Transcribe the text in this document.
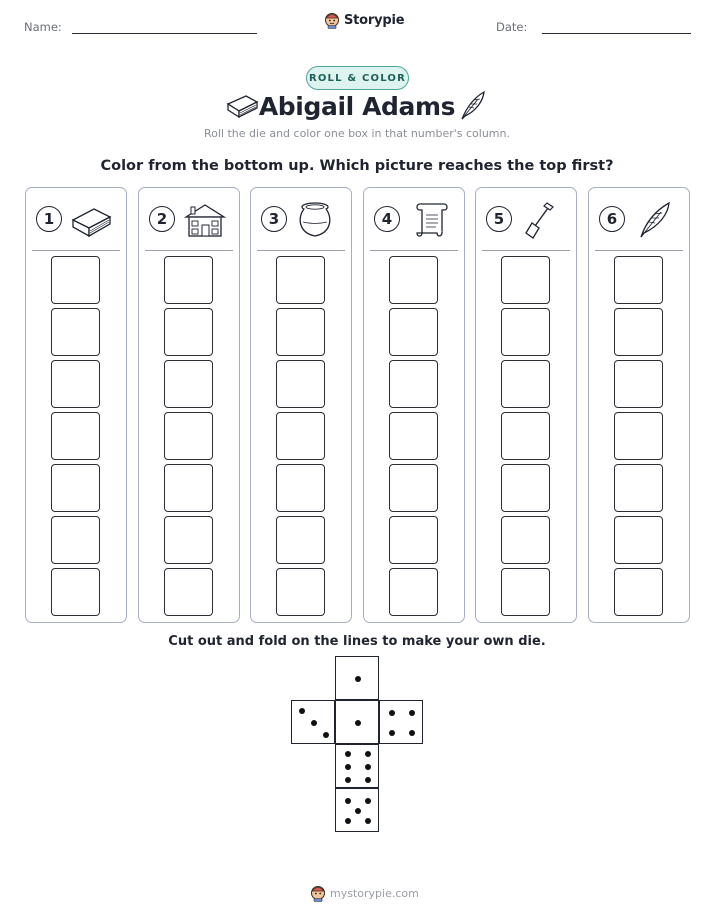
Name:	Storypie	Date:
ROLL & COLOR
Abigail Adams
Roll the die and color one box in that number's column.
Color from the bottom up. Which picture reaches the top first?
1	2	3	4	5	6
Cut out and fold on the lines to make your own die.
mystorypie.com
